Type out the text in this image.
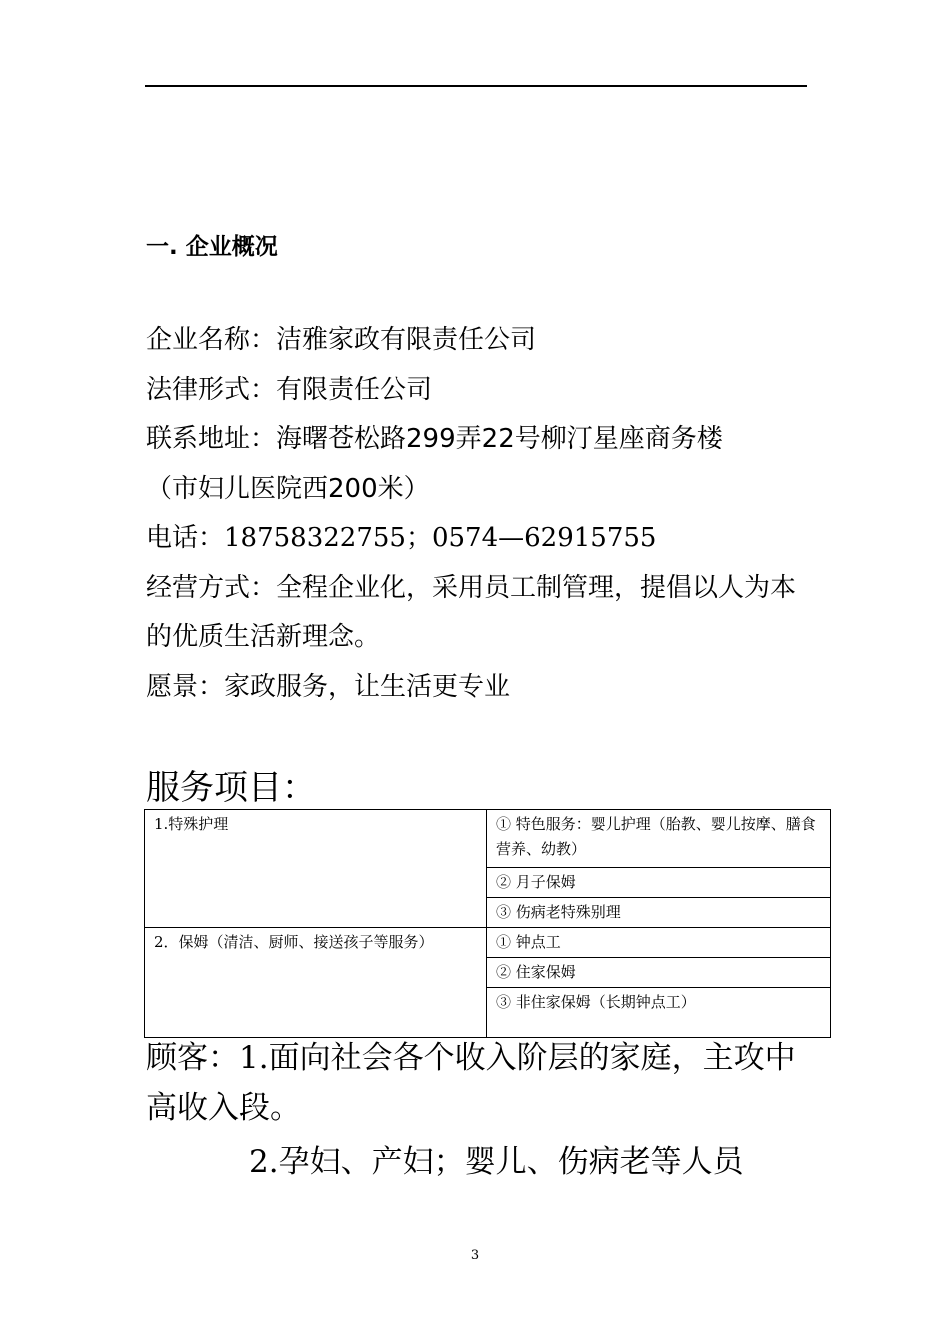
一. 企业概况

企业名称：洁雅家政有限责任公司

法律形式：有限责任公司

联系地址：海曙苍松路299弄22号柳汀星座商务楼
（市妇儿医院西200米）

电话：18758322755；0574—62915755

经营方式：全程企业化，采用员工制管理，提倡以人为本的优质生活新理念。

愿景：家政服务，让生活更专业

服务项目：
1.特殊护理	① 特色服务：婴儿护理（胎教、婴儿按摩、膳食营养、幼教）
	② 月子保姆
	③ 伤病老特殊别理
2．保姆（清洁、厨师、接送孩子等服务）	① 钟点工
	② 住家保姆
	③ 非住家保姆（长期钟点工）

顾客：1.面向社会各个收入阶层的家庭，主攻中高收入段。

2.孕妇、产妇；婴儿、伤病老等人员

3
